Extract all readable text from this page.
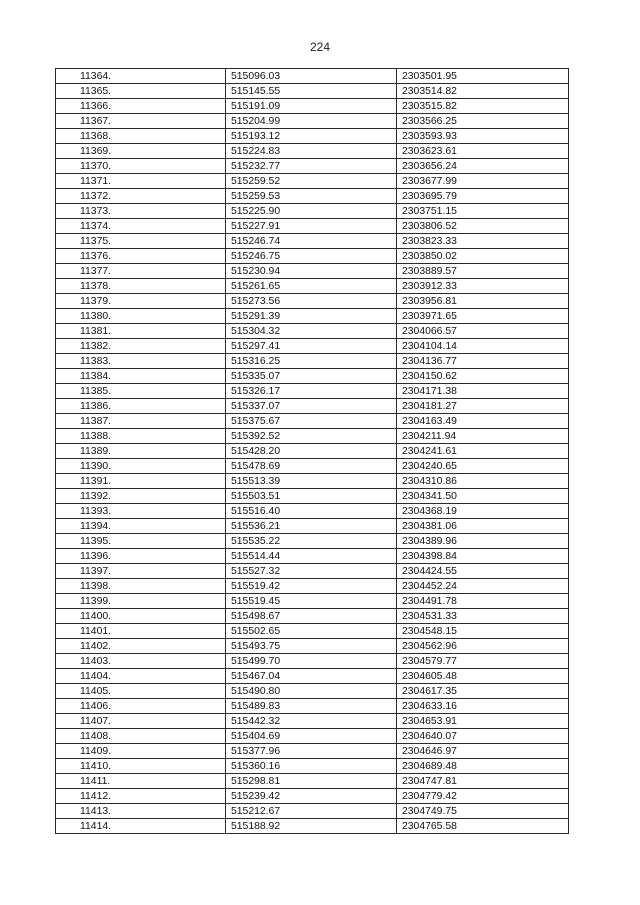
224
11364.	515096.03	2303501.95
11365.	515145.55	2303514.82
11366.	515191.09	2303515.82
11367.	515204.99	2303566.25
11368.	515193.12	2303593.93
11369.	515224.83	2303623.61
11370.	515232.77	2303656.24
11371.	515259.52	2303677.99
11372.	515259.53	2303695.79
11373.	515225.90	2303751.15
11374.	515227.91	2303806.52
11375.	515246.74	2303823.33
11376.	515246.75	2303850.02
11377.	515230.94	2303889.57
11378.	515261.65	2303912.33
11379.	515273.56	2303956.81
11380.	515291.39	2303971.65
11381.	515304.32	2304066.57
11382.	515297.41	2304104.14
11383.	515316.25	2304136.77
11384.	515335.07	2304150.62
11385.	515326.17	2304171.38
11386.	515337.07	2304181.27
11387.	515375.67	2304163.49
11388.	515392.52	2304211.94
11389.	515428.20	2304241.61
11390.	515478.69	2304240.65
11391.	515513.39	2304310.86
11392.	515503.51	2304341.50
11393.	515516.40	2304368.19
11394.	515536.21	2304381.06
11395.	515535.22	2304389.96
11396.	515514.44	2304398.84
11397.	515527.32	2304424.55
11398.	515519.42	2304452.24
11399.	515519.45	2304491.78
11400.	515498.67	2304531.33
11401.	515502.65	2304548.15
11402.	515493.75	2304562.96
11403.	515499.70	2304579.77
11404.	515467.04	2304605.48
11405.	515490.80	2304617.35
11406.	515489.83	2304633.16
11407.	515442.32	2304653.91
11408.	515404.69	2304640.07
11409.	515377.96	2304646.97
11410.	515360.16	2304689.48
11411.	515298.81	2304747.81
11412.	515239.42	2304779.42
11413.	515212.67	2304749.75
11414.	515188.92	2304765.58
